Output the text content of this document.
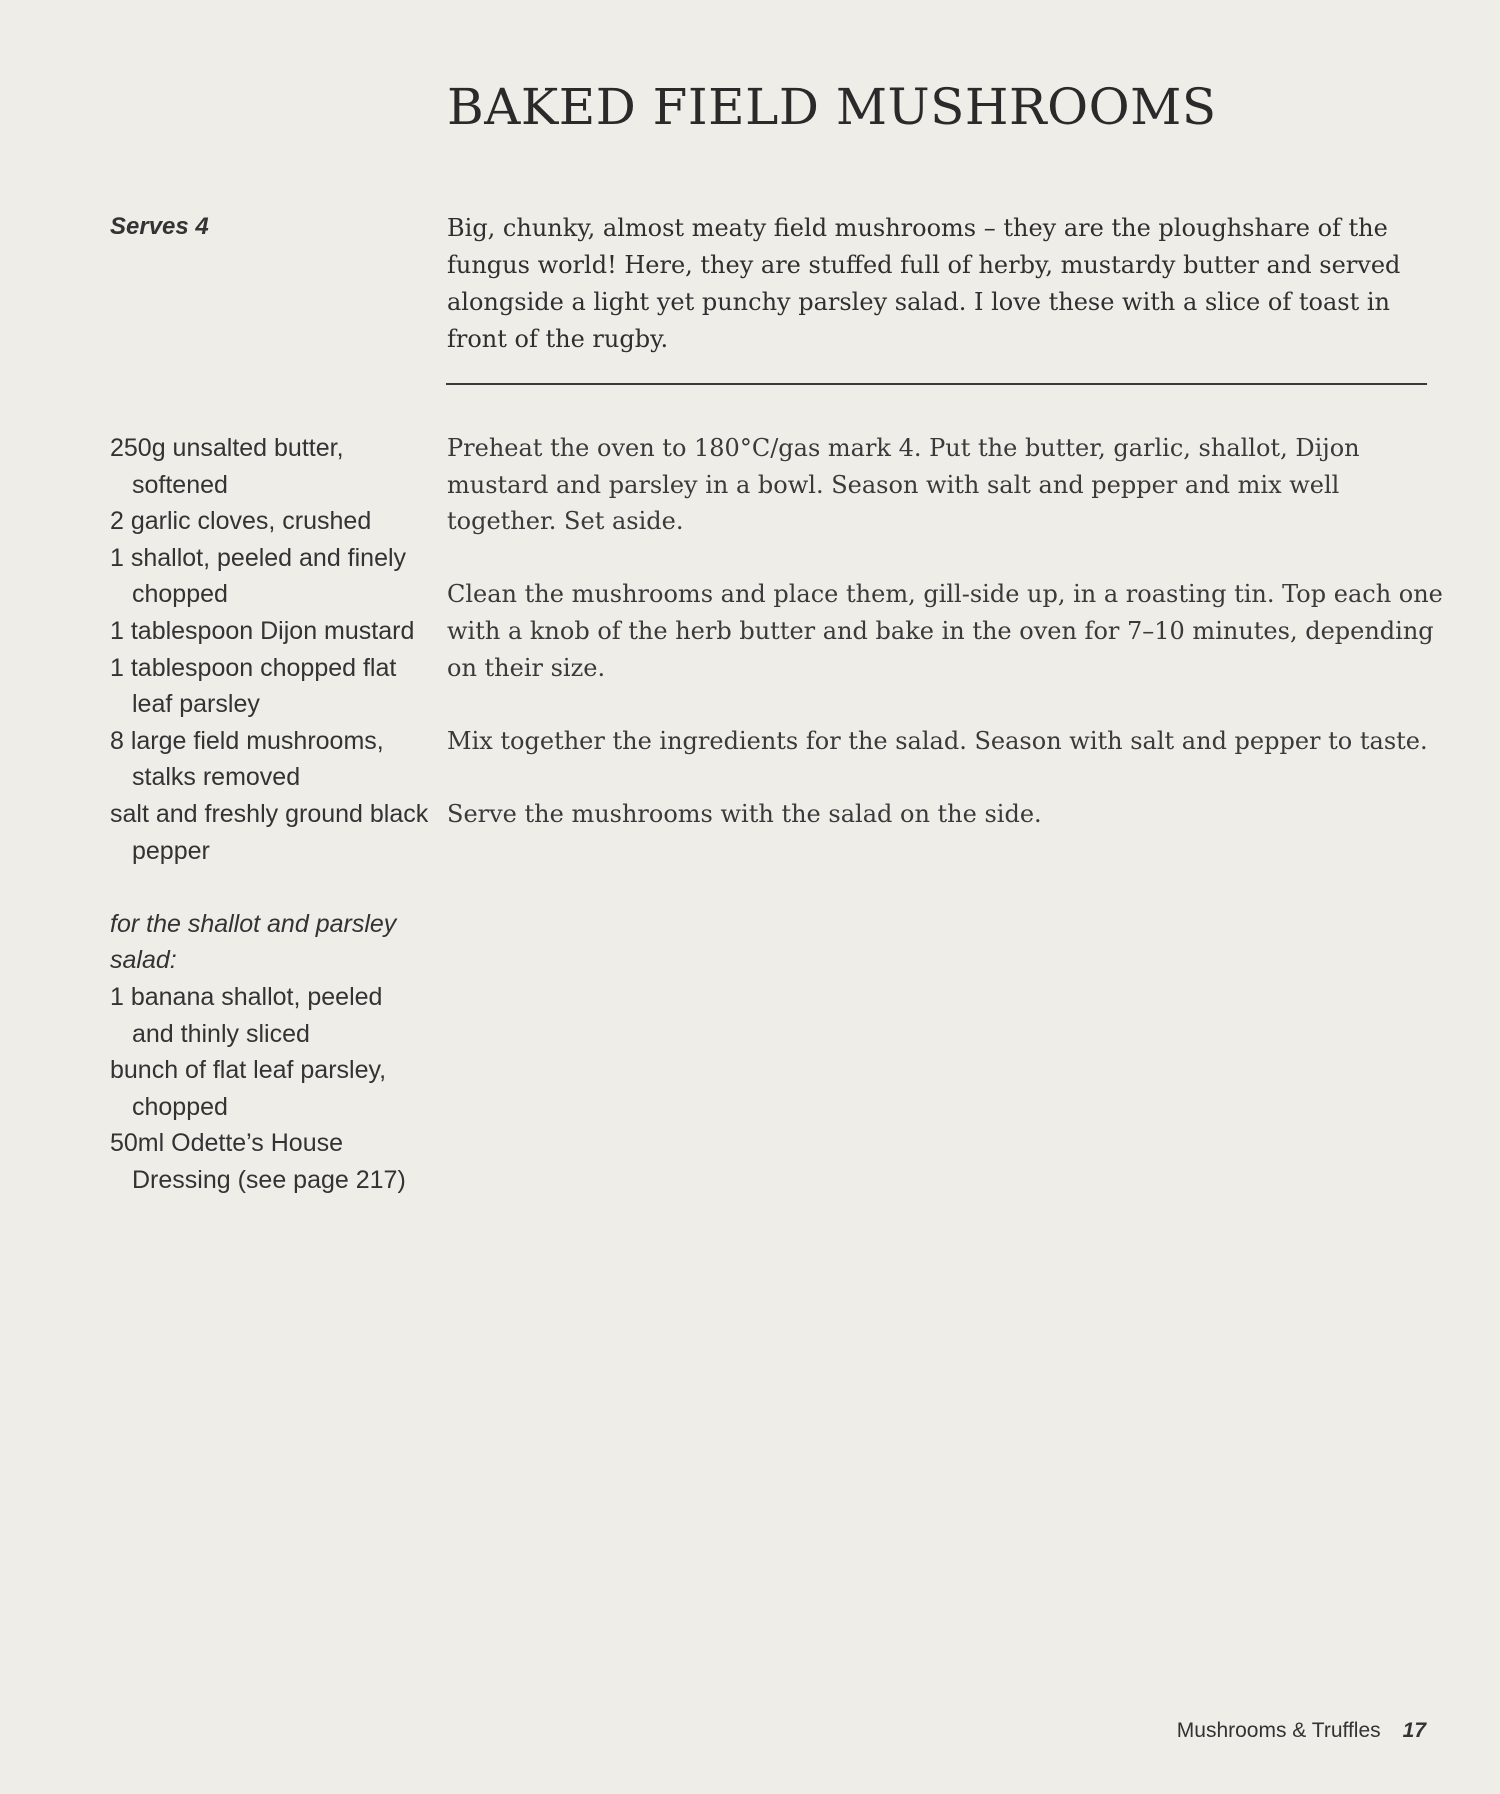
BAKED FIELD MUSHROOMS
Serves 4	Big, chunky, almost meaty field mushrooms – they are the ploughshare of the fungus world! Here, they are stuffed full of herby, mustardy butter and served alongside a light yet punchy parsley salad. I love these with a slice of toast in front of the rugby.
250g unsalted butter, softened
2 garlic cloves, crushed
1 shallot, peeled and finely chopped
1 tablespoon Dijon mustard
1 tablespoon chopped flat leaf parsley
8 large field mushrooms, stalks removed
salt and freshly ground black pepper
for the shallot and parsley salad:
1 banana shallot, peeled and thinly sliced
bunch of flat leaf parsley, chopped
50ml Odette’s House Dressing (see page 217)

Preheat the oven to 180°C/gas mark 4. Put the butter, garlic, shallot, Dijon mustard and parsley in a bowl. Season with salt and pepper and mix well together. Set aside.

Clean the mushrooms and place them, gill-side up, in a roasting tin. Top each one with a knob of the herb butter and bake in the oven for 7–10 minutes, depending on their size.

Mix together the ingredients for the salad. Season with salt and pepper to taste.

Serve the mushrooms with the salad on the side.

Mushrooms & Truffles 17
